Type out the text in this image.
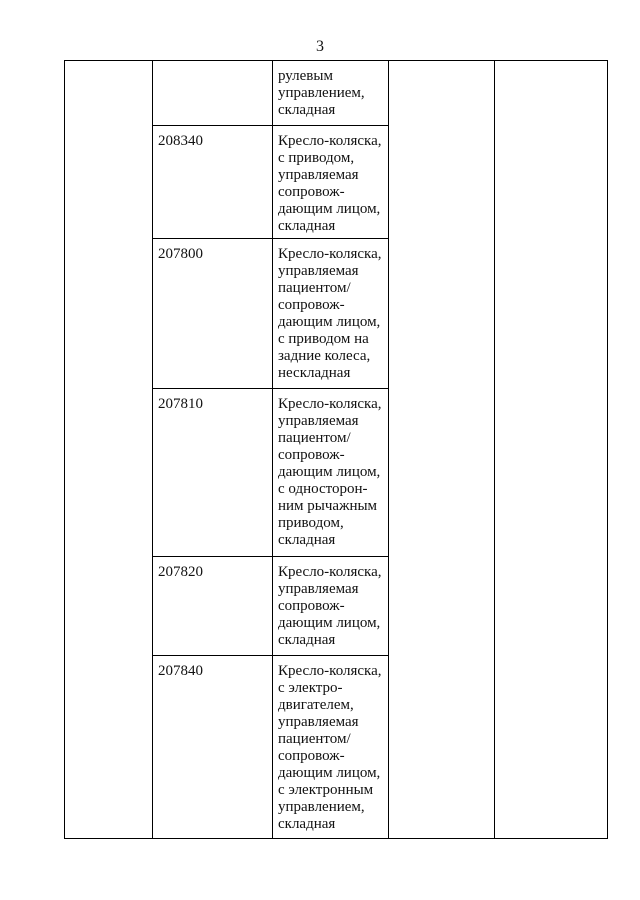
3

рулевым
управлением,
складная

208340	Кресло-коляска,
с приводом,
управляемая
сопровож-
дающим лицом,
складная

207800	Кресло-коляска,
управляемая
пациентом/
сопровож-
дающим лицом,
с приводом на
задние колеса,
нескладная

207810	Кресло-коляска,
управляемая
пациентом/
сопровож-
дающим лицом,
с односторон-
ним рычажным
приводом,
складная

207820	Кресло-коляска,
управляемая
сопровож-
дающим лицом,
складная

207840	Кресло-коляска,
с электро-
двигателем,
управляемая
пациентом/
сопровож-
дающим лицом,
с электронным
управлением,
складная
